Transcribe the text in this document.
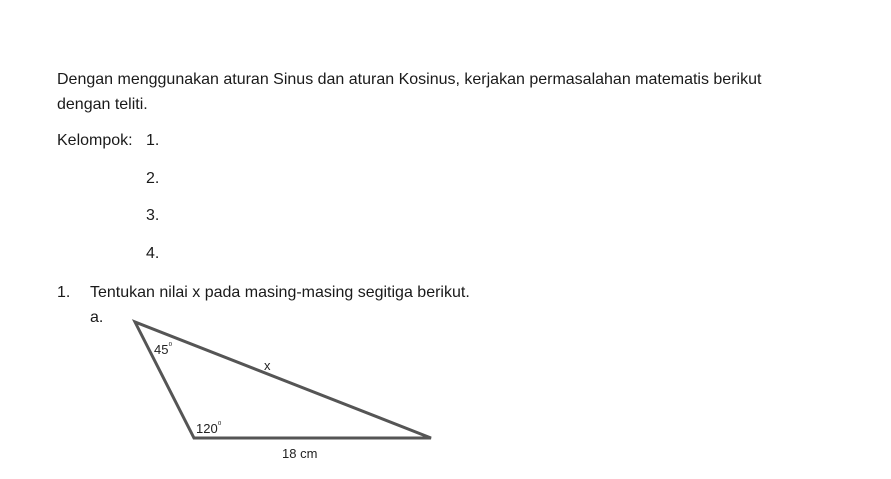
Dengan menggunakan aturan Sinus dan aturan Kosinus, kerjakan permasalahan matematis berikut dengan teliti.

Kelompok: 1.
2.
3.
4.
1. Tentukan nilai x pada masing-masing segitiga berikut.
a.
$45^{^0}$
$120^{^0}$
x
18 cm
